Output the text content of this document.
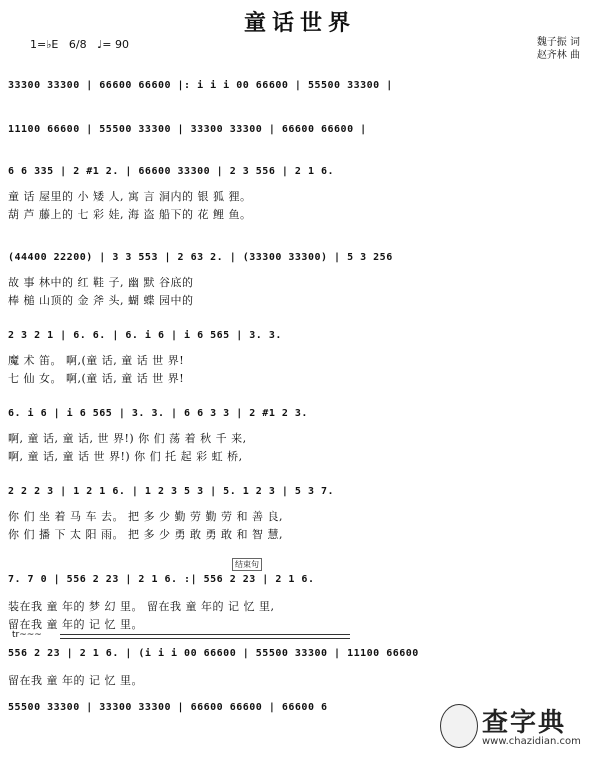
童话世界
1=♭E 6/8 ♩= 90	魏子振 词
赵齐林 曲
33300 33300 | 66600 66600 |: i i i 00 66600 | 55500 33300 |
11100 66600 | 55500 33300 | 33300 33300 | 66600 66600 |
6 6 335 | 2 #1 2. | 66600 33300 | 2 3 556 | 2 1 6.
童 话 屋里的 小 矮 人, 寓 言 洞内的 银 狐 狸。
葫 芦 藤上的 七 彩 娃, 海 盗 船下的 花 鲤 鱼。
(44400 22200) | 3 3 553 | 2 63 2. | (33300 33300) | 5 3 256
故 事 林中的 红 鞋 子, 幽 默 谷底的
棒 槌 山顶的 金 斧 头, 蝴 蝶 园中的
2 3 2 1 | 6. 6. | 6. i 6 | i 6 565 | 3. 3.
魔 术 笛。 啊,(童 话, 童 话 世 界!
七 仙 女。 啊,(童 话, 童 话 世 界!
6. i 6 | i 6 565 | 3. 3. | 6 6 3 3 | 2 #1 2 3.
啊, 童 话, 童 话, 世 界!) 你 们 荡 着 秋 千 来,
啊, 童 话, 童 话 世 界!) 你 们 托 起 彩 虹 桥,
2 2 2 3 | 1 2 1 6. | 1 2 3 5 3 | 5. 1 2 3 | 5 3 7.
你 们 坐 着 马 车 去。 把 多 少 勤 劳 勤 劳 和 善 良,
你 们 播 下 太 阳 雨。 把 多 少 勇 敢 勇 敢 和 智 慧,
7. 7 0 | 556 2 23 | 2 1 6. :| 556 2 23 | 2 1 6.
装在我 童 年的 梦 幻 里。 留在我 童 年的 记 忆 里,
留在我 童 年的 记 忆 里。
556 2 23 | 2 1 6. | (i i i 00 66600 | 55500 33300 | 11100 66600
留在我 童 年的 记 忆 里。
55500 33300 | 33300 33300 | 66600 66600 | 66600 6
结束句
tr~~~
查字典
www.chazidian.com
